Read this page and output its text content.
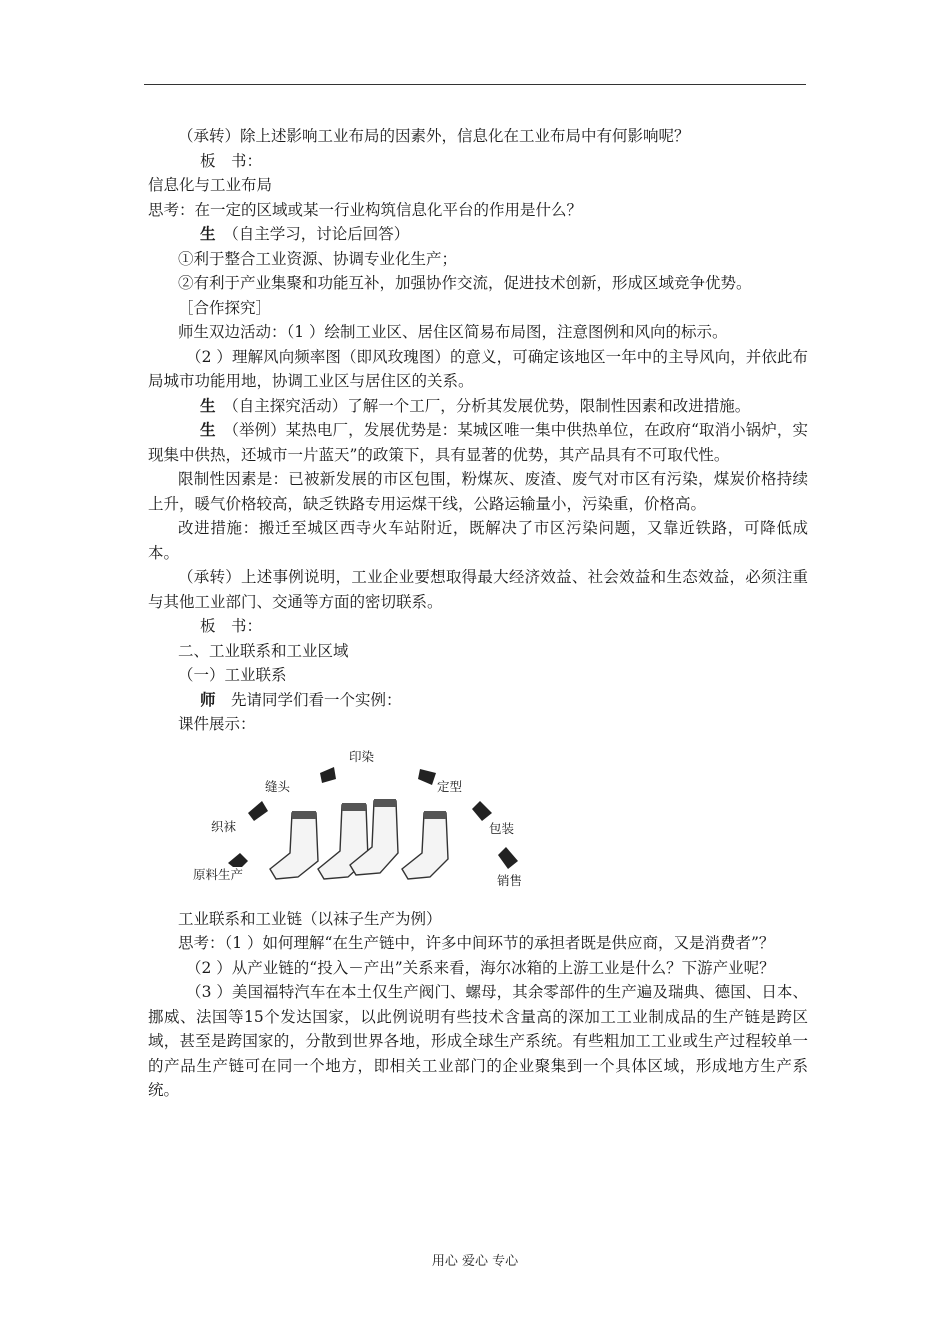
（承转）除上述影响工业布局的因素外，信息化在工业布局中有何影响呢？

板　书：

信息化与工业布局

思考：在一定的区域或某一行业构筑信息化平台的作用是什么？

生　（自主学习，讨论后回答）

①利于整合工业资源、协调专业化生产；

②有利于产业集聚和功能互补，加强协作交流，促进技术创新，形成区域竞争优势。

［合作探究］

师生双边活动：（1 ）绘制工业区、居住区简易布局图，注意图例和风向的标示。

（2 ）理解风向频率图（即风玫瑰图）的意义，可确定该地区一年中的主导风向，并依此布局城市功能用地，协调工业区与居住区的关系。

生　（自主探究活动）了解一个工厂，分析其发展优势，限制性因素和改进措施。

生　（举例）某热电厂，发展优势是：某城区唯一集中供热单位，在政府“取消小锅炉，实现集中供热，还城市一片蓝天”的政策下，具有显著的优势，其产品具有不可取代性。

限制性因素是：已被新发展的市区包围，粉煤灰、废渣、废气对市区有污染，煤炭价格持续上升，暖气价格较高，缺乏铁路专用运煤干线，公路运输量小，污染重，价格高。

改进措施：搬迁至城区西寺火车站附近，既解决了市区污染问题，又靠近铁路，可降低成本。

（承转）上述事例说明，工业企业要想取得最大经济效益、社会效益和生态效益，必须注重与其他工业部门、交通等方面的密切联系。

板　书：

二、工业联系和工业区域

（一）工业联系

师　先请同学们看一个实例：

课件展示：

原料生产
织袜
缝头
印染
定型
包装
销售

工业联系和工业链（以袜子生产为例）

思考：（1 ）如何理解“在生产链中，许多中间环节的承担者既是供应商，又是消费者”？

（2 ）从产业链的“投入－产出”关系来看，海尔冰箱的上游工业是什么？下游产业呢？

（3 ）美国福特汽车在本土仅生产阀门、螺母，其余零部件的生产遍及瑞典、德国、日本、挪威、法国等15个发达国家，以此例说明有些技术含量高的深加工工业制成品的生产链是跨区域，甚至是跨国家的，分散到世界各地，形成全球生产系统。有些粗加工工业或生产过程较单一的产品生产链可在同一个地方，即相关工业部门的企业聚集到一个具体区域，形成地方生产系统。

用心 爱心 专心
